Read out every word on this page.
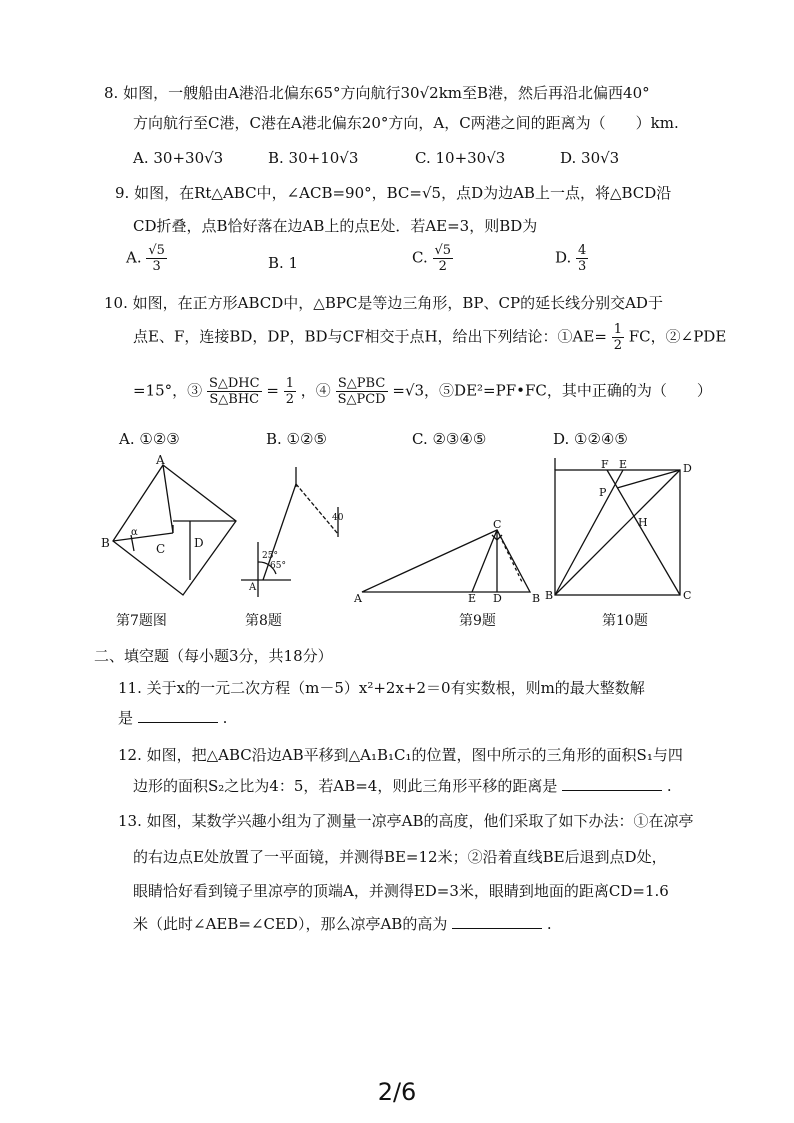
8. 如图，一艘船由A港沿北偏东65°方向航行30√2km至B港，然后再沿北偏西40°
方向航行至C港，C港在A港北偏东20°方向，A，C两港之间的距离为（　　）km.
A. 30+30√3	B. 30+10√3	C. 10+30√3	D. 30√3
9. 如图，在Rt△ABC中，∠ACB=90°，BC=√5，点D为边AB上一点，将△BCD沿
CD折叠，点B恰好落在边AB上的点E处．若AE=3，则BD为
A. $\frac{√5}{3}$	B. 1	C. $\frac{√5}{2}$	D. $\frac{4}{3}$
10. 如图，在正方形ABCD中，△BPC是等边三角形，BP、CP的延长线分别交AD于
点E、F，连接BD，DP，BD与CF相交于点H，给出下列结论：①AE= $\frac{1}{2}$ FC，②∠PDE
=15°，③ $\frac{\text{S△DHC}}{\text{S△BHC}} = \frac{1}{2}$ ，④ $\frac{\text{S△PBC}}{\text{S△PCD}} =√3$，⑤DE²=PF•FC，其中正确的为（　　）
A. ①②③	B. ①②⑤	C. ②③④⑤	D. ①②④⑤
A
B	C D
α
40
25°
65°
A
A	E D	B
C
F E	D
P
H
B	C
第7题图	第8题	第9题	第10题
二、填空题（每小题3分，共18分）
11. 关于x的一元二次方程（m－5）x²+2x+2＝0有实数根，则m的最大整数解
是	.
12. 如图，把△ABC沿边AB平移到△A₁B₁C₁的位置，图中所示的三角形的面积S₁与四
边形的面积S₂之比为4：5，若AB=4，则此三角形平移的距离是	.
13. 如图，某数学兴趣小组为了测量一凉亭AB的高度，他们采取了如下办法：①在凉亭
的右边点E处放置了一平面镜，并测得BE=12米；②沿着直线BE后退到点D处，
眼睛恰好看到镜子里凉亭的顶端A，并测得ED=3米，眼睛到地面的距离CD=1.6
米（此时∠AEB=∠CED），那么凉亭AB的高为	.
2/6
